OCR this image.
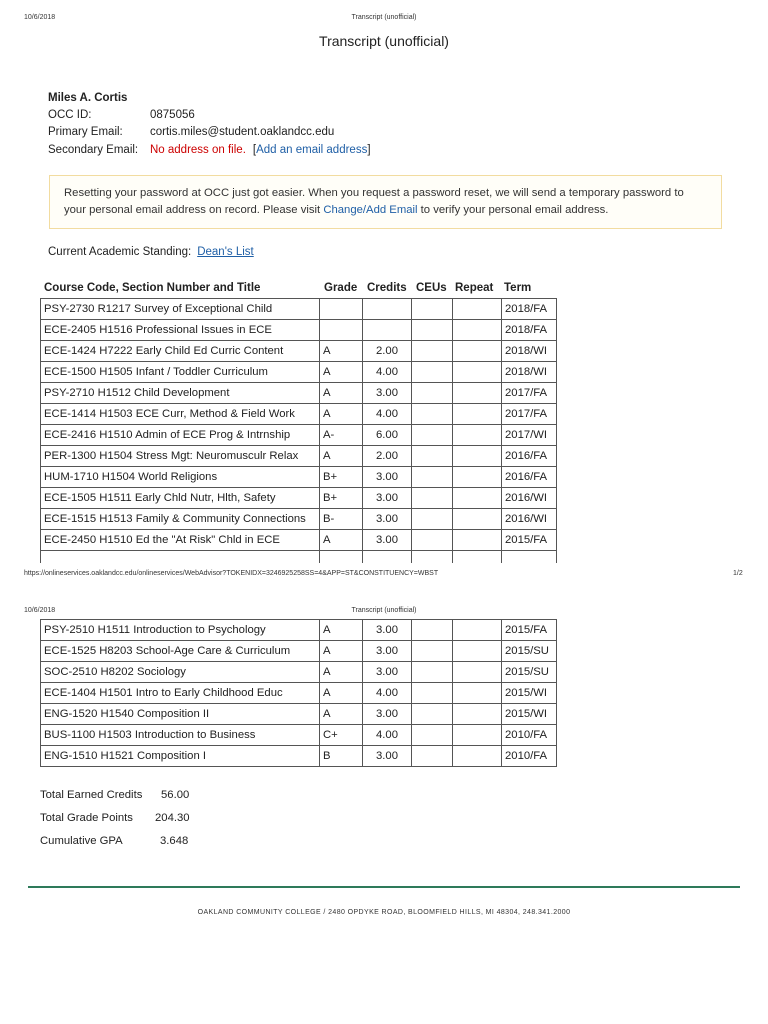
10/6/2018	Transcript (unofficial)
Transcript (unofficial)
Miles A. Cortis
OCC ID:	0875056
Primary Email:	cortis.miles@student.oaklandcc.edu
Secondary Email:	No address on file. [ Add an email address ]
Resetting your password at OCC just got easier. When you request a password reset, we will send a temporary password to your personal email address on record. Please visit Change/Add Email to verify your personal email address.
Current Academic Standing: Dean's List
Course Code, Section Number and Title	Grade Credits CEUs Repeat Term
PSY-2730 R1217 Survey of Exceptional Child					2018/FA
ECE-2405 H1516 Professional Issues in ECE					2018/FA
ECE-1424 H7222 Early Child Ed Curric Content	A	2.00			2018/WI
ECE-1500 H1505 Infant / Toddler Curriculum	A	4.00			2018/WI
PSY-2710 H1512 Child Development	A	3.00			2017/FA
ECE-1414 H1503 ECE Curr, Method & Field Work	A	4.00			2017/FA
ECE-2416 H1510 Admin of ECE Prog & Intrnship	A-	6.00			2017/WI
PER-1300 H1504 Stress Mgt: Neuromusculr Relax	A	2.00			2016/FA
HUM-1710 H1504 World Religions	B+	3.00			2016/FA
ECE-1505 H1511 Early Chld Nutr, Hlth, Safety	B+	3.00			2016/WI
ECE-1515 H1513 Family & Community Connections	B-	3.00			2016/WI
ECE-2450 H1510 Ed the "At Risk" Chld in ECE	A	3.00			2015/FA

https://onlineservices.oaklandcc.edu/onlineservices/WebAdvisor?TOKENIDX=3246925258SS=4&APP=ST&CONSTITUENCY=WBST	1/2
10/6/2018	Transcript (unofficial)
PSY-2510 H1511 Introduction to Psychology	A	3.00			2015/FA
ECE-1525 H8203 School-Age Care & Curriculum	A	3.00			2015/SU
SOC-2510 H8202 Sociology	A	3.00			2015/SU
ECE-1404 H1501 Intro to Early Childhood Educ	A	4.00			2015/WI
ENG-1520 H1540 Composition II	A	3.00			2015/WI
BUS-1100 H1503 Introduction to Business	C+	4.00			2010/FA
ENG-1510 H1521 Composition I	B	3.00			2010/FA
Total Earned Credits	56.00
Total Grade Points	204.30
Cumulative GPA	3.648
OAKLAND COMMUNITY COLLEGE / 2480 OPDYKE ROAD, BLOOMFIELD HILLS, MI 48304, 248.341.2000
